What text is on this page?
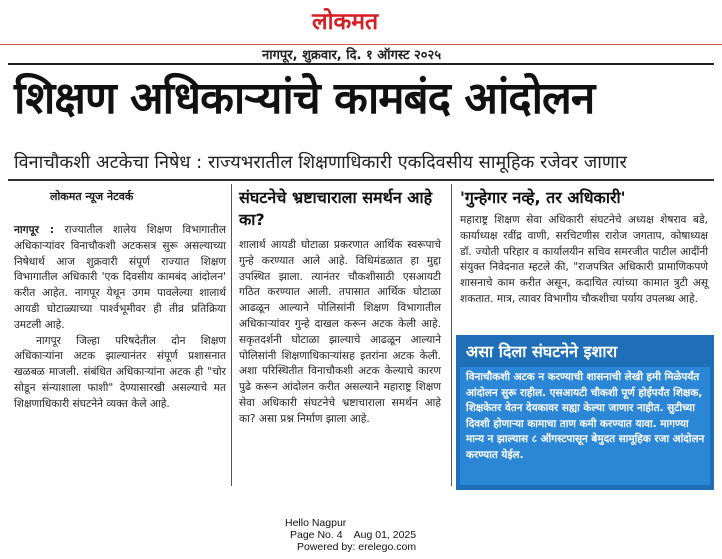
लोकमत
नागपूर, शुक्रवार, दि. १ ऑगस्ट २०२५
शिक्षण अधिकाऱ्यांचे कामबंद आंदोलन
विनाचौकशी अटकेचा निषेध : राज्यभरातील शिक्षणाधिकारी एकदिवसीय सामूहिक रजेवर जाणार
लोकमत न्यूज नेटवर्क
नागपूर : राज्यातील शालेय शिक्षण विभागातील अधिकाऱ्यांवर विनाचौकशी अटकसत्र सुरू असल्याच्या निषेधार्थ आज शुक्रवारी संपूर्ण राज्यात शिक्षण विभागातील अधिकारी 'एक दिवसीय कामबंद आंदोलन' करीत आहेत. नागपूर येथून उगम पावलेल्या शालार्थ आयडी घोटाळ्याच्या पार्श्वभूमीवर ही तीव्र प्रतिक्रिया उमटली आहे.
नागपूर जिल्हा परिषदेतील दोन शिक्षण अधिकाऱ्यांना अटक झाल्यानंतर संपूर्ण प्रशासनात खळबळ माजली. संबंधित अधिकाऱ्यांना अटक ही "चोर सोडून संन्याशाला फाशी" देण्यासारखी असल्याचे मत शिक्षणाधिकारी संघटनेने व्यक्त केले आहे.
संघटनेचे भ्रष्टाचाराला समर्थन आहे का?
शालार्थ आयडी घोटाळा प्रकरणात आर्थिक स्वरूपाचे गुन्हे करण्यात आले आहे. विधिमंडळात हा मुद्दा उपस्थित झाला. त्यानंतर चौकशीसाठी एसआयटी गठित करण्यात आली. तपासात आर्थिक घोटाळा आढळून आल्याने पोलिसांनी शिक्षण विभागातील अधिकाऱ्यांवर गुन्हे दाखल करून अटक केली आहे. सकृतदर्शनी घोटाळा झाल्याचे आढळून आल्याने पोलिसांनी शिक्षणाधिकाऱ्यांसह इतरांना अटक केली. अशा परिस्थितीत विनाचौकशी अटक केल्याचे कारण पुढे करून आंदोलन करीत असल्याने महाराष्ट्र शिक्षण सेवा अधिकारी संघटनेचे भ्रष्टाचाराला समर्थन आहे का? असा प्रश्न निर्माण झाला आहे.
'गुन्हेगार नव्हे, तर अधिकारी'
महाराष्ट्र शिक्षण सेवा अधिकारी संघटनेचे अध्यक्ष शेषराव बडे, कार्याध्यक्ष रवींद्र वाणी, सरचिटणीस रारोज जगताप, कोषाध्यक्ष डॉ. ज्योती परिहार व कार्यालयीन सचिव समरजीत पाटील आदींनी संयुक्त निवेदनात म्हटले की, "राजपत्रित अधिकारी प्रामाणिकपणे शासनाचे काम करीत असून, कदाचित त्यांच्या कामात त्रुटी असू शकतात. मात्र, त्यावर विभागीय चौकशीचा पर्याय उपलब्ध आहे.
असा दिला संघटनेने इशारा
विनाचौकशी अटक न करण्याची शासनाची लेखी हमी मिळेपर्यंत आंदोलन सुरू राहील. एसआयटी चौकशी पूर्ण होईपर्यंत शिक्षक, शिक्षकेतर वेतन देयकावर सह्या केल्या जाणार नाहीत. सुटीच्या दिवशी होणाऱ्या कामाचा ताण कमी करण्यात यावा. मागण्या मान्य न झाल्यास ८ ऑगस्टपासून बेमुदत सामूहिक रजा आंदोलन करण्यात येईल.
Hello Nagpur
Page No. 4    Aug 01, 2025
Powered by: erelego.com
